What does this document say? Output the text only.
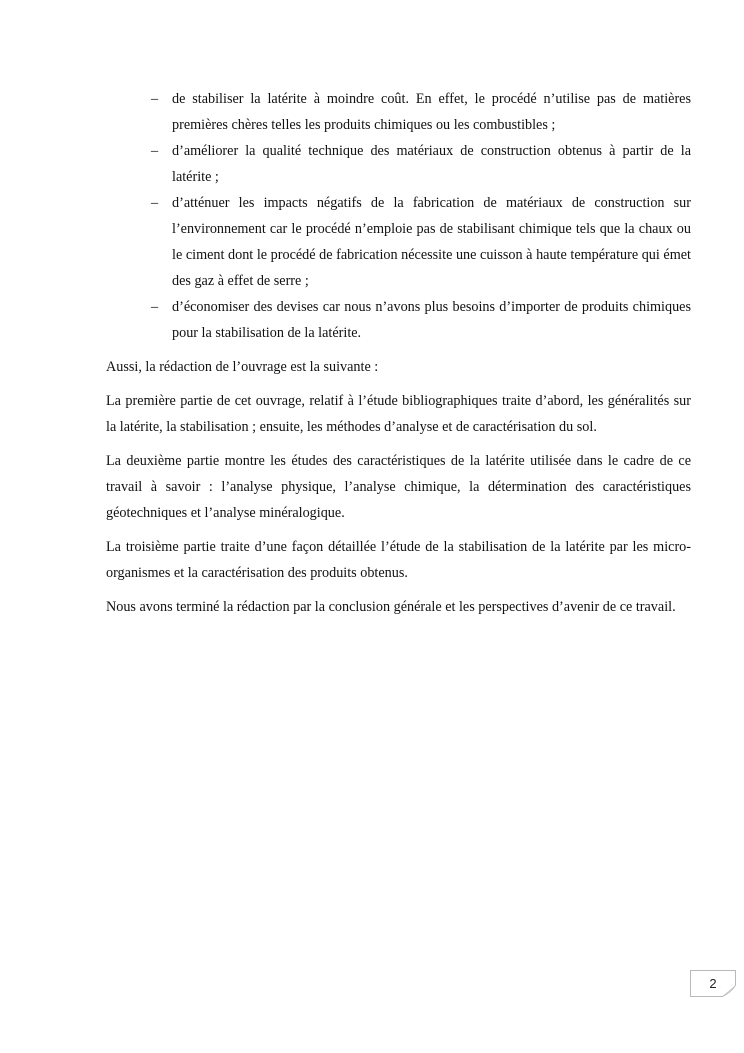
– de stabiliser la latérite à moindre coût. En effet, le procédé n’utilise pas de matières premières chères telles les produits chimiques ou les combustibles ;
– d’améliorer la qualité technique des matériaux de construction obtenus à partir de la latérite ;
– d’atténuer les impacts négatifs de la fabrication de matériaux de construction sur l’environnement car le procédé n’emploie pas de stabilisant chimique tels que la chaux ou le ciment dont le procédé de fabrication nécessite une cuisson à haute température qui émet des gaz à effet de serre ;
– d’économiser des devises car nous n’avons plus besoins d’importer de produits chimiques pour la stabilisation de la latérite.

Aussi, la rédaction de l’ouvrage est la suivante :

La première partie de cet ouvrage, relatif à l’étude bibliographiques traite d’abord, les généralités sur la latérite, la stabilisation ; ensuite, les méthodes d’analyse et de caractérisation du sol.

La deuxième partie montre les études des caractéristiques de la latérite utilisée dans le cadre de ce travail à savoir : l’analyse physique, l’analyse chimique, la détermination des caractéristiques géotechniques et l’analyse minéralogique.

La troisième partie traite d’une façon détaillée l’étude de la stabilisation de la latérite par les micro-organismes et la caractérisation des produits obtenus.

Nous avons terminé la rédaction par la conclusion générale et les perspectives d’avenir de ce travail.

2
